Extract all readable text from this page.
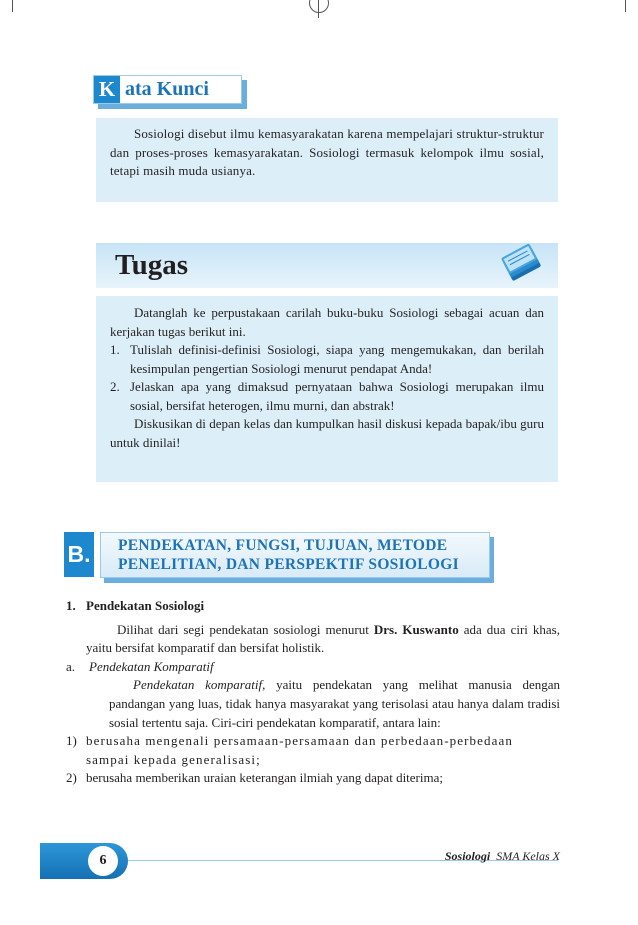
K ata Kunci
Sosiologi disebut ilmu kemasyarakatan karena mempelajari struktur-struktur dan proses-proses kemasyarakatan. Sosiologi termasuk kelompok ilmu sosial, tetapi masih muda usianya.
Tugas

Datanglah ke perpustakaan carilah buku-buku Sosiologi sebagai acuan dan kerjakan tugas berikut ini.

1. Tulislah definisi-definisi Sosiologi, siapa yang mengemukakan, dan berilah kesimpulan pengertian Sosiologi menurut pendapat Anda!
2. Jelaskan apa yang dimaksud pernyataan bahwa Sosiologi merupakan ilmu sosial, bersifat heterogen, ilmu murni, dan abstrak!

Diskusikan di depan kelas dan kumpulkan hasil diskusi kepada bapak/ibu guru untuk dinilai!

B. PENDEKATAN, FUNGSI, TUJUAN, METODE
PENELITIAN, DAN PERSPEKTIF SOSIOLOGI

1. Pendekatan Sosiologi

Dilihat dari segi pendekatan sosiologi menurut Drs. Kuswanto ada dua ciri khas, yaitu bersifat komparatif dan bersifat holistik.

a.	Pendekatan Komparatif

Pendekatan komparatif, yaitu pendekatan yang melihat manusia dengan pandangan yang luas, tidak hanya masyarakat yang terisolasi atau hanya dalam tradisi sosial tertentu saja. Ciri-ciri pendekatan komparatif, antara lain:

1) berusaha mengenali persamaan-persamaan dan perbedaan-perbedaan sampai kepada generalisasi;
2) berusaha memberikan uraian keterangan ilmiah yang dapat diterima;
6	Sosiologi SMA Kelas X
